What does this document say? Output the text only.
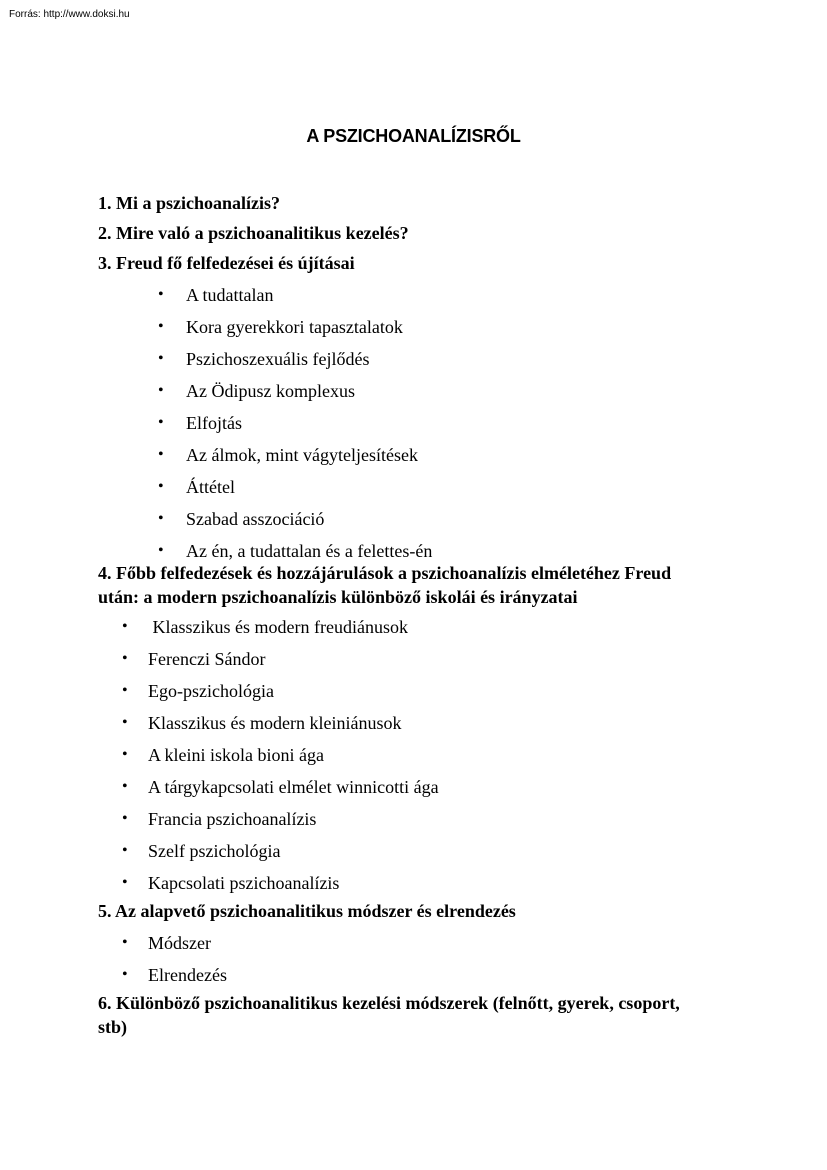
Forrás: http://www.doksi.hu
A PSZICHOANALÍZISRŐL

1. Mi a pszichoanalízis?

2. Mire való a pszichoanalitikus kezelés?

3. Freud fő felfedezései és újításai

• A tudattalan
• Kora gyerekkori tapasztalatok
• Pszichoszexuális fejlődés
• Az Ödipusz komplexus
• Elfojtás
• Az álmok, mint vágyteljesítések
• Áttétel
• Szabad asszociáció
• Az én, a tudattalan és a felettes-én

4. Főbb felfedezések és hozzájárulások a pszichoanalízis elméletéhez Freud
után: a modern pszichoanalízis különböző iskolái és irányzatai

• Klasszikus és modern freudiánusok
• Ferenczi Sándor
• Ego-pszichológia
• Klasszikus és modern kleiniánusok
• A kleini iskola bioni ága
• A tárgykapcsolati elmélet winnicotti ága
• Francia pszichoanalízis
• Szelf pszichológia
• Kapcsolati pszichoanalízis

5. Az alapvető pszichoanalitikus módszer és elrendezés

• Módszer
• Elrendezés

6. Különböző pszichoanalitikus kezelési módszerek (felnőtt, gyerek, csoport,
stb)
